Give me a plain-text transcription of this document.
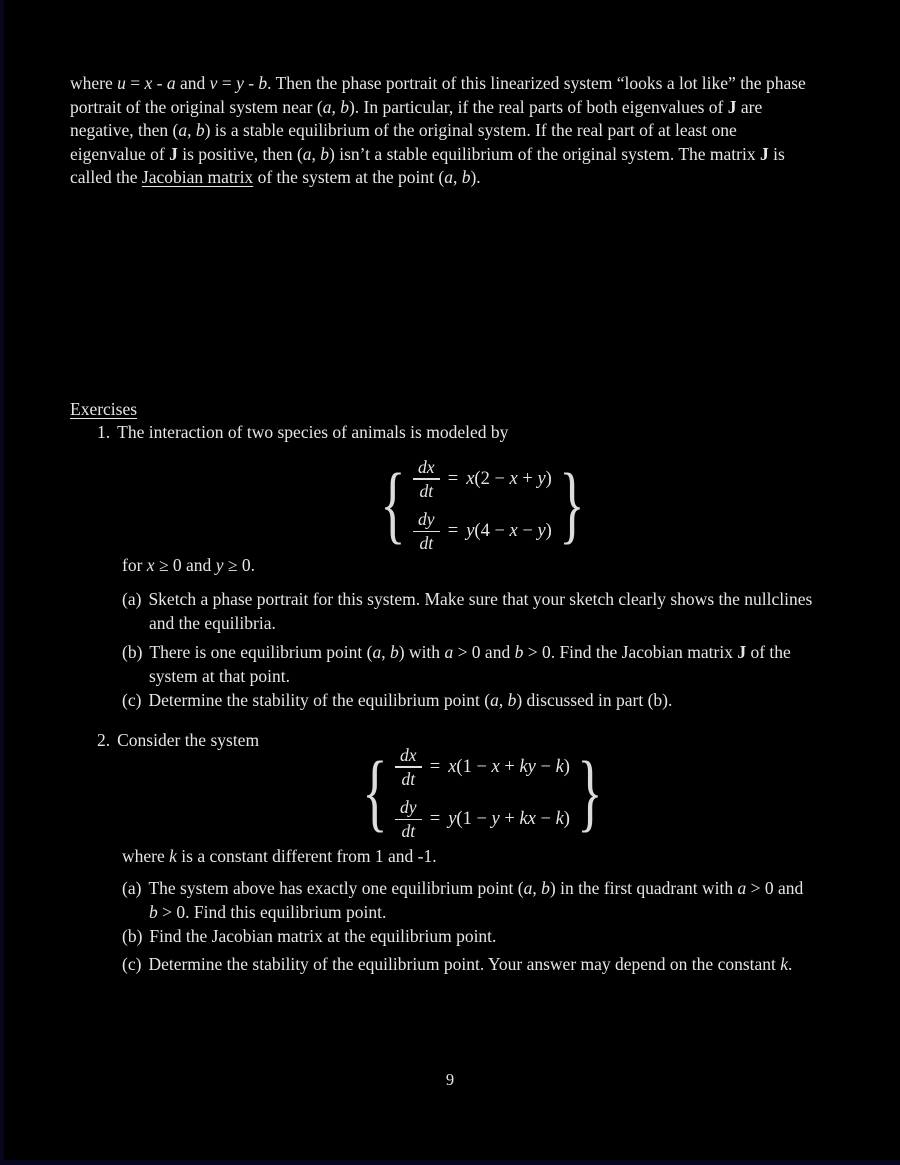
where u = x - a and v = y - b. Then the phase portrait of this linearized system “looks a lot like” the phase
portrait of the original system near (a, b). In particular, if the real parts of both eigenvalues of J are
negative, then (a, b) is a stable equilibrium of the original system. If the real part of at least one
eigenvalue of J is positive, then (a, b) isn’t a stable equilibrium of the original system. The matrix J is
called the Jacobian matrix of the system at the point (a, b).
Exercises
1. The interaction of two species of animals is modeled by
{ $\frac{dx}{dt} = x(2 - x + y)$
$\frac{dy}{dt} = y(4 - x - y)$ }
for x ≥ 0 and y ≥ 0.
(a) Sketch a phase portrait for this system. Make sure that your sketch clearly shows the nullclines
and the equilibria.
(b) There is one equilibrium point (a, b) with a > 0 and b > 0. Find the Jacobian matrix J of the
system at that point.
(c) Determine the stability of the equilibrium point (a, b) discussed in part (b).
2. Consider the system
{ $\frac{dx}{dt} = x(1 - x$ + ky − k)
$\frac{dy}{dt} = y(1 - y$ + kx − k) }
where k is a constant different from 1 and -1.
(a) The system above has exactly one equilibrium point (a, b) in the first quadrant with a > 0 and
b > 0. Find this equilibrium point.
(b) Find the Jacobian matrix at the equilibrium point.
(c) Determine the stability of the equilibrium point. Your answer may depend on the constant k.
9
